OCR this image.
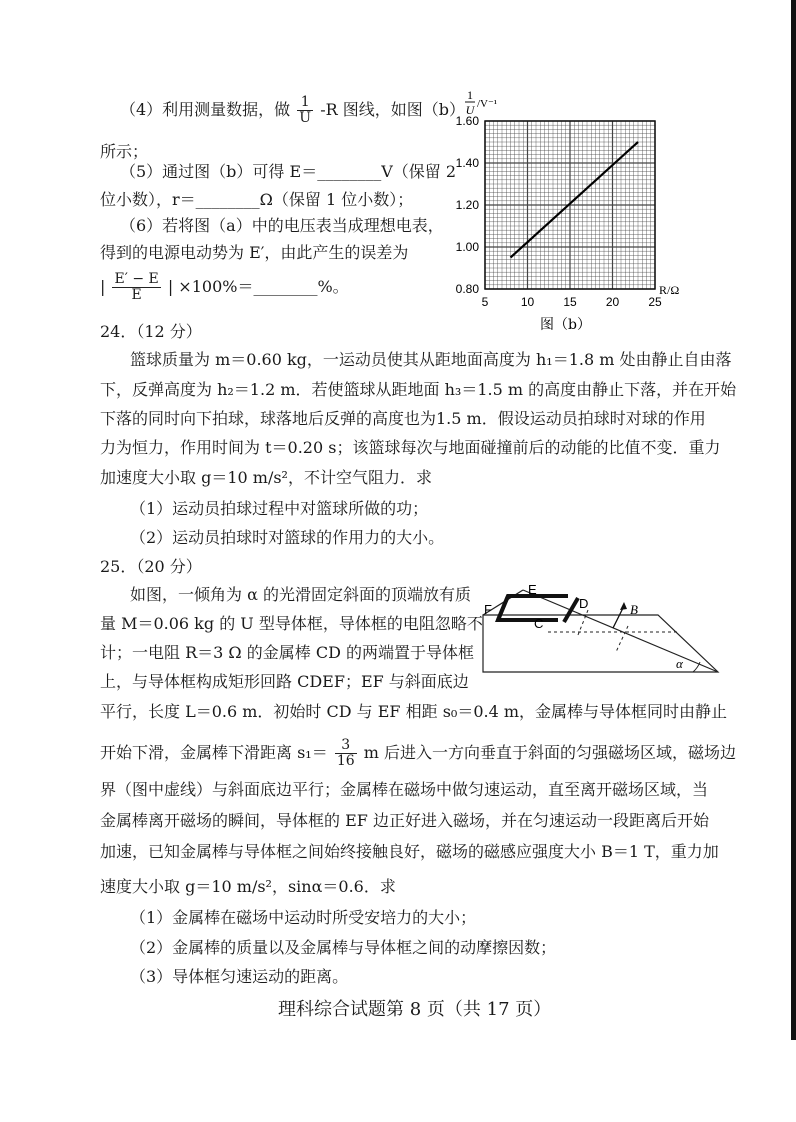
（4）利用测量数据，做 $\frac{1}{U} -R$ 图线，如图（b）
所示；
（5）通过图（b）可得 E＝________V（保留 2
位小数），r＝________Ω（保留 1 位小数）；
（6）若将图（a）中的电压表当成理想电表，
得到的电源电动势为 E′，由此产生的误差为
| $\frac{E' - E}{E}$ | ×100%＝________%。
5	10 15 20 25
0.80
1.00
1.20
1.40
1.60
R/Ω
1
U /V⁻¹
图（b）
24．（12 分）
篮球质量为 m＝0.60 kg，一运动员使其从距地面高度为 h₁＝1.8 m 处由静止自由落
下，反弹高度为 h₂＝1.2 m．若使篮球从距地面 h₃＝1.5 m 的高度由静止下落，并在开始
下落的同时向下拍球，球落地后反弹的高度也为1.5 m．假设运动员拍球时对球的作用
力为恒力，作用时间为 t＝0.20 s；该篮球每次与地面碰撞前后的动能的比值不变．重力
加速度大小取 g＝10 m/s²，不计空气阻力．求
（1）运动员拍球过程中对篮球所做的功；
（2）运动员拍球时对篮球的作用力的大小。
25．（20 分）
如图，一倾角为 α 的光滑固定斜面的顶端放有质
量 M＝0.06 kg 的 U 型导体框，导体框的电阻忽略不
计；一电阻 R＝3 Ω 的金属棒 CD 的两端置于导体框
上，与导体框构成矩形回路 CDEF；EF 与斜面底边
平行，长度 L＝0.6 m．初始时 CD 与 EF 相距 s₀＝0.4 m，金属棒与导体框同时由静止
开始下滑，金属棒下滑距离 $s_1= \frac{3}{16}$ m 后进入一方向垂直于斜面的匀强磁场区域，磁场边
界（图中虚线）与斜面底边平行；金属棒在磁场中做匀速运动，直至离开磁场区域，当
金属棒离开磁场的瞬间，导体框的 EF 边正好进入磁场，并在匀速运动一段距离后开始
加速，已知金属棒与导体框之间始终接触良好，磁场的磁感应强度大小 B＝1 T，重力加
速度大小取 g＝10 m/s²，sinα＝0.6．求
（1）金属棒在磁场中运动时所受安培力的大小；
（2）金属棒的质量以及金属棒与导体框之间的动摩擦因数；
（3）导体框匀速运动的距离。
F
E
D
C
B
α
理科综合试题第 8 页（共 17 页）
